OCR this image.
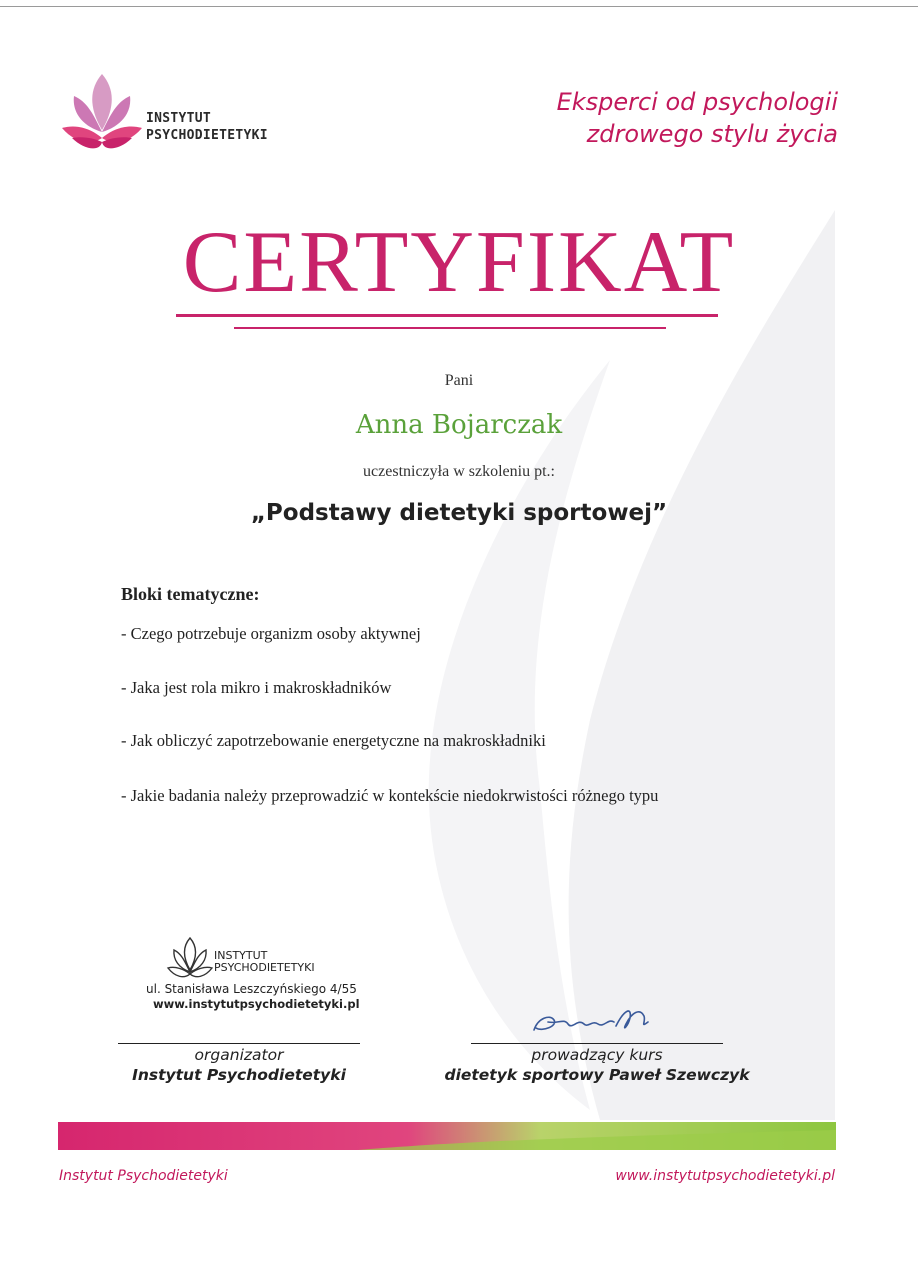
INSTYTUT
PSYCHODIETETYKI
Eksperci od psychologii
zdrowego stylu życia
CERTYFIKAT
Pani
Anna Bojarczak
uczestniczyła w szkoleniu pt.:
„Podstawy dietetyki sportowej”
Bloki tematyczne:
- Czego potrzebuje organizm osoby aktywnej
- Jaka jest rola mikro i makroskładników
- Jak obliczyć zapotrzebowanie energetyczne na makroskładniki
- Jakie badania należy przeprowadzić w kontekście niedokrwistości różnego typu
INSTYTUT
PSYCHODIETETYKI
ul. Stanisława Leszczyńskiego 4/55
www.instytutpsychodietetyki.pl
organizator
Instytut Psychodietetyki
prowadzący kurs
dietetyk sportowy Paweł Szewczyk
Instytut Psychodietetyki	www.instytutpsychodietetyki.pl
